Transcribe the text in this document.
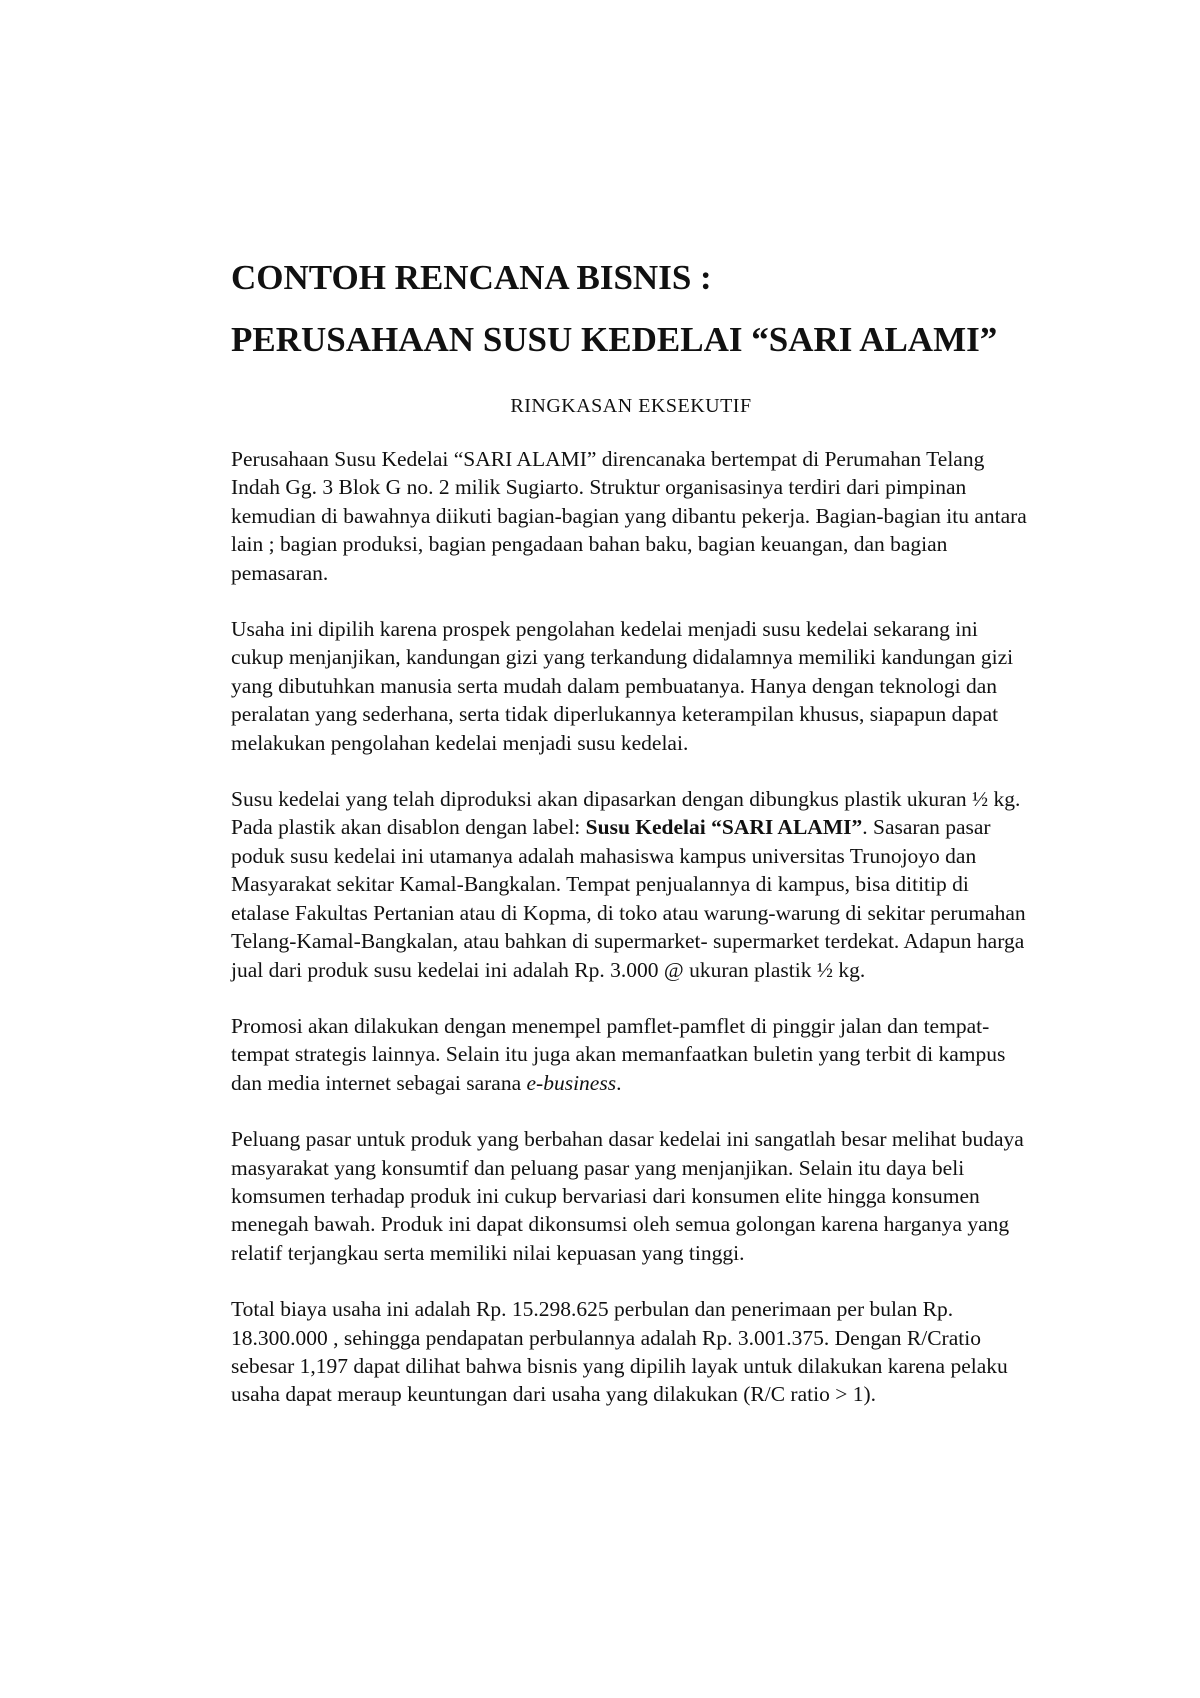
CONTOH RENCANA BISNIS :
PERUSAHAAN SUSU KEDELAI “SARI ALAMI”
RINGKASAN EKSEKUTIF

Perusahaan Susu Kedelai “SARI ALAMI” direncanaka bertempat di Perumahan Telang Indah Gg. 3 Blok G no. 2 milik Sugiarto. Struktur organisasinya terdiri dari pimpinan kemudian di bawahnya diikuti bagian-bagian yang dibantu pekerja. Bagian-bagian itu antara lain ; bagian produksi, bagian pengadaan bahan baku, bagian keuangan, dan bagian pemasaran.

Usaha ini dipilih karena prospek pengolahan kedelai menjadi susu kedelai sekarang ini cukup menjanjikan, kandungan gizi yang terkandung didalamnya memiliki kandungan gizi yang dibutuhkan manusia serta mudah dalam pembuatanya. Hanya dengan teknologi dan peralatan yang sederhana, serta tidak diperlukannya keterampilan khusus, siapapun dapat melakukan pengolahan kedelai menjadi susu kedelai.

Susu kedelai yang telah diproduksi akan dipasarkan dengan dibungkus plastik ukuran ½ kg. Pada plastik akan disablon dengan label: Susu Kedelai “SARI ALAMI”. Sasaran pasar poduk susu kedelai ini utamanya adalah mahasiswa kampus universitas Trunojoyo dan Masyarakat sekitar Kamal-Bangkalan. Tempat penjualannya di kampus, bisa dititip di etalase Fakultas Pertanian atau di Kopma, di toko atau warung-warung di sekitar perumahan Telang-Kamal-Bangkalan, atau bahkan di supermarket- supermarket terdekat. Adapun harga jual dari produk susu kedelai ini adalah Rp. 3.000 @ ukuran plastik ½ kg.

Promosi akan dilakukan dengan menempel pamflet-pamflet di pinggir jalan dan tempat-tempat strategis lainnya. Selain itu juga akan memanfaatkan buletin yang terbit di kampus dan media internet sebagai sarana e-business.

Peluang pasar untuk produk yang berbahan dasar kedelai ini sangatlah besar melihat budaya masyarakat yang konsumtif dan peluang pasar yang menjanjikan. Selain itu daya beli komsumen terhadap produk ini cukup bervariasi dari konsumen elite hingga konsumen menegah bawah. Produk ini dapat dikonsumsi oleh semua golongan karena harganya yang relatif terjangkau serta memiliki nilai kepuasan yang tinggi.

Total biaya usaha ini adalah Rp. 15.298.625 perbulan dan penerimaan per bulan Rp. 18.300.000 , sehingga pendapatan perbulannya adalah Rp. 3.001.375. Dengan R/Cratio sebesar 1,197 dapat dilihat bahwa bisnis yang dipilih layak untuk dilakukan karena pelaku usaha dapat meraup keuntungan dari usaha yang dilakukan (R/C ratio > 1).
